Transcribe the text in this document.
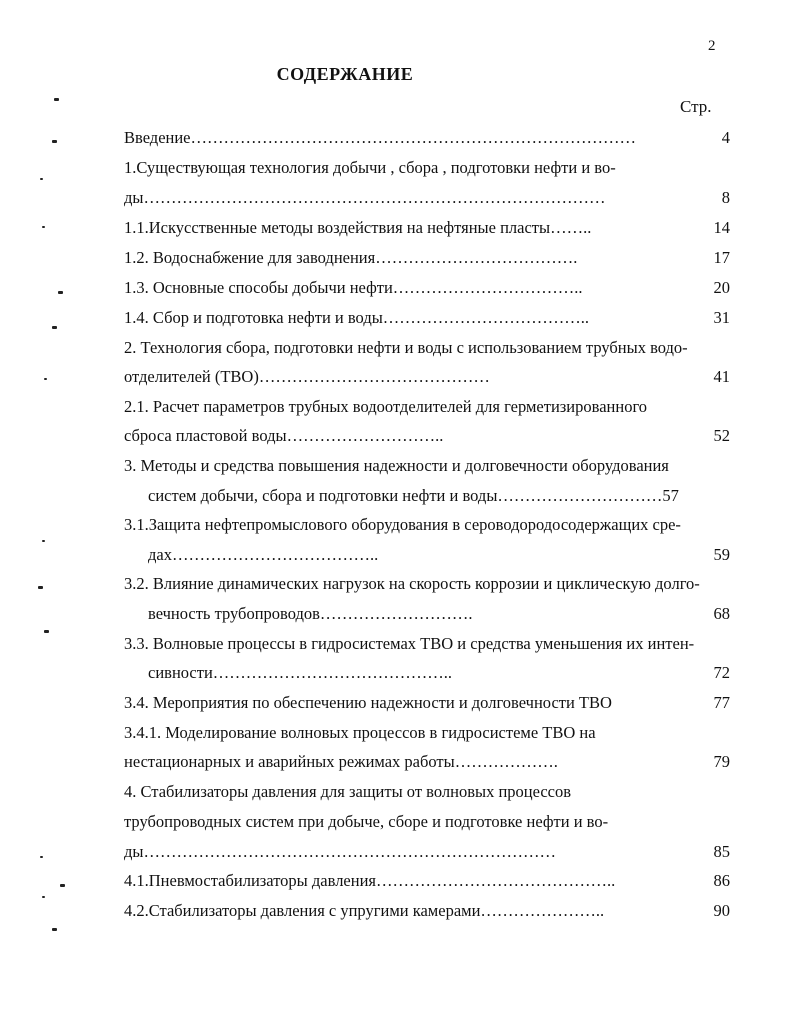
2
СОДЕРЖАНИЕ
Стр.
Введение………………………………………………………………………	4
1.Существующая технология добычи , сбора , подготовки нефти и во-
ды…………………………………………………………………………	8
1.1.Искусственные методы воздействия на нефтяные пласты……..	14
1.2. Водоснабжение для заводнения……………………………….	17
1.3. Основные способы добычи нефти……………………………..	20
1.4. Сбор и подготовка нефти и воды………………………………..	31
2. Технология сбора, подготовки нефти и воды с использованием трубных водо-
отделителей (ТВО)……………………………………	41
2.1. Расчет параметров трубных водоотделителей для герметизированного
сброса пластовой воды………………………..	52
3. Методы и средства повышения надежности и долговечности оборудования
систем добычи, сбора и подготовки нефти и воды…………………………57
3.1.Защита нефтепромыслового оборудования в сероводородосодержащих сре-
дах………………………………..	59
3.2. Влияние динамических нагрузок на скорость коррозии и циклическую долго-
вечность трубопроводов……………………….	68
3.3. Волновые процессы в гидросистемах ТВО и средства уменьшения их интен-
сивности……………………………………..	72
3.4. Мероприятия по обеспечению надежности и долговечности ТВО	77
3.4.1. Моделирование волновых процессов в гидросистеме ТВО на
нестационарных и аварийных режимах работы……………….	79
4. Стабилизаторы давления для защиты от волновых процессов
трубопроводных систем при добыче, сборе и подготовке нефти и во-
ды…………………………………………………………………	85
4.1.Пневмостабилизаторы давления……………………………………..	86
4.2.Стабилизаторы давления с упругими камерами…………………..	90
